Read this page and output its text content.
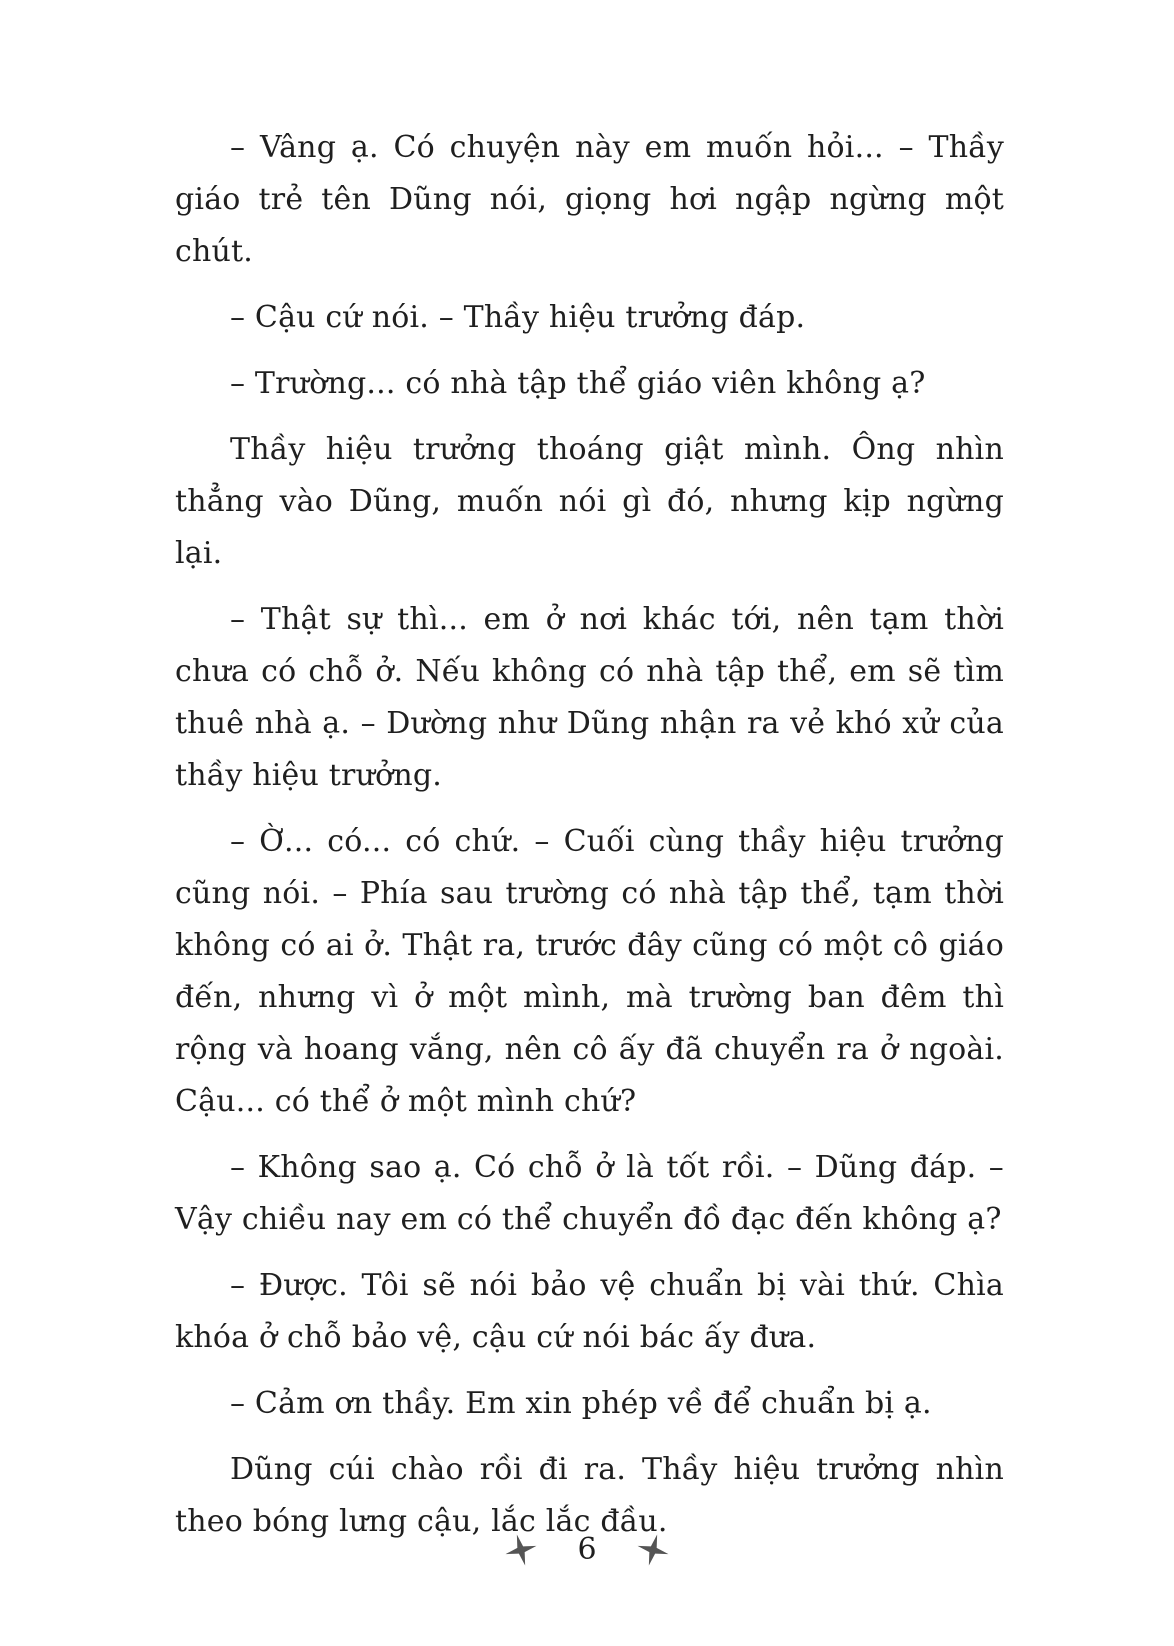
– Vâng ạ. Có chuyện này em muốn hỏi... – Thầy giáo trẻ tên Dũng nói, giọng hơi ngập ngừng một chút.

– Cậu cứ nói. – Thầy hiệu trưởng đáp.

– Trường... có nhà tập thể giáo viên không ạ?

Thầy hiệu trưởng thoáng giật mình. Ông nhìn thẳng vào Dũng, muốn nói gì đó, nhưng kịp ngừng lại.

– Thật sự thì... em ở nơi khác tới, nên tạm thời chưa có chỗ ở. Nếu không có nhà tập thể, em sẽ tìm thuê nhà ạ. – Dường như Dũng nhận ra vẻ khó xử của thầy hiệu trưởng.

– Ờ... có... có chứ. – Cuối cùng thầy hiệu trưởng cũng nói. – Phía sau trường có nhà tập thể, tạm thời không có ai ở. Thật ra, trước đây cũng có một cô giáo đến, nhưng vì ở một mình, mà trường ban đêm thì rộng và hoang vắng, nên cô ấy đã chuyển ra ở ngoài. Cậu... có thể ở một mình chứ?

– Không sao ạ. Có chỗ ở là tốt rồi. – Dũng đáp. – Vậy chiều nay em có thể chuyển đồ đạc đến không ạ?

– Được. Tôi sẽ nói bảo vệ chuẩn bị vài thứ. Chìa khóa ở chỗ bảo vệ, cậu cứ nói bác ấy đưa.

– Cảm ơn thầy. Em xin phép về để chuẩn bị ạ.

Dũng cúi chào rồi đi ra. Thầy hiệu trưởng nhìn theo bóng lưng cậu, lắc lắc đầu.

6
